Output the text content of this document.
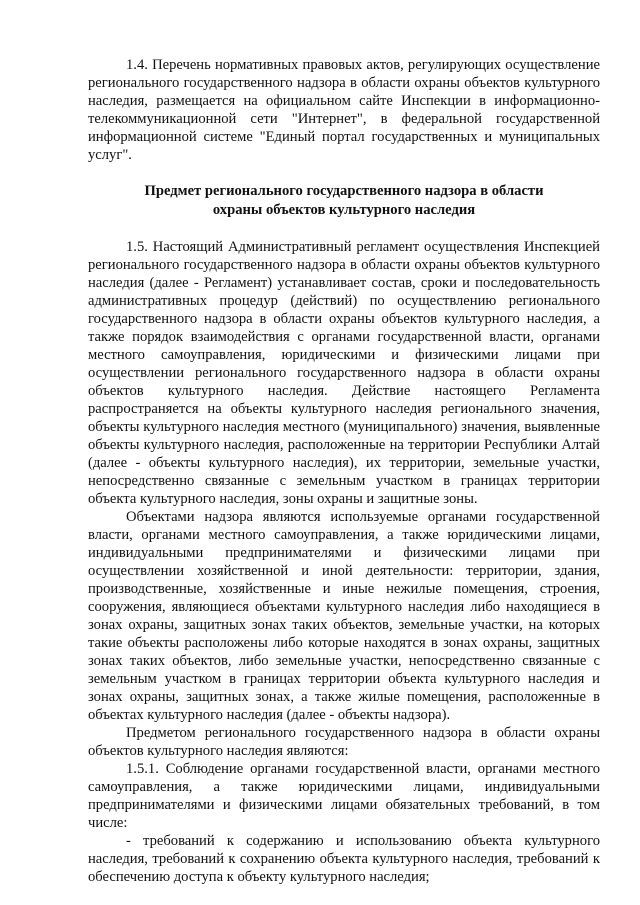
1.4. Перечень нормативных правовых актов, регулирующих осуществление регионального государственного надзора в области охраны объектов культурного наследия, размещается на официальном сайте Инспекции в информационно-телекоммуникационной сети "Интернет", в федеральной государственной информационной системе "Единый портал государственных и муниципальных услуг".

Предмет регионального государственного надзора в области
охраны объектов культурного наследия

1.5. Настоящий Административный регламент осуществления Инспекцией регионального государственного надзора в области охраны объектов культурного наследия (далее - Регламент) устанавливает состав, сроки и последовательность административных процедур (действий) по осуществлению регионального государственного надзора в области охраны объектов культурного наследия, а также порядок взаимодействия с органами государственной власти, органами местного самоуправления, юридическими и физическими лицами при осуществлении регионального государственного надзора в области охраны объектов культурного наследия. Действие настоящего Регламента распространяется на объекты культурного наследия регионального значения, объекты культурного наследия местного (муниципального) значения, выявленные объекты культурного наследия, расположенные на территории Республики Алтай (далее - объекты культурного наследия), их территории, земельные участки, непосредственно связанные с земельным участком в границах территории объекта культурного наследия, зоны охраны и защитные зоны.

Объектами надзора являются используемые органами государственной власти, органами местного самоуправления, а также юридическими лицами, индивидуальными предпринимателями и физическими лицами при осуществлении хозяйственной и иной деятельности: территории, здания, производственные, хозяйственные и иные нежилые помещения, строения, сооружения, являющиеся объектами культурного наследия либо находящиеся в зонах охраны, защитных зонах таких объектов, земельные участки, на которых такие объекты расположены либо которые находятся в зонах охраны, защитных зонах таких объектов, либо земельные участки, непосредственно связанные с земельным участком в границах территории объекта культурного наследия и зонах охраны, защитных зонах, а также жилые помещения, расположенные в объектах культурного наследия (далее - объекты надзора).

Предметом регионального государственного надзора в области охраны объектов культурного наследия являются:

1.5.1. Соблюдение органами государственной власти, органами местного самоуправления, а также юридическими лицами, индивидуальными предпринимателями и физическими лицами обязательных требований, в том числе:

- требований к содержанию и использованию объекта культурного наследия, требований к сохранению объекта культурного наследия, требований к обеспечению доступа к объекту культурного наследия;
